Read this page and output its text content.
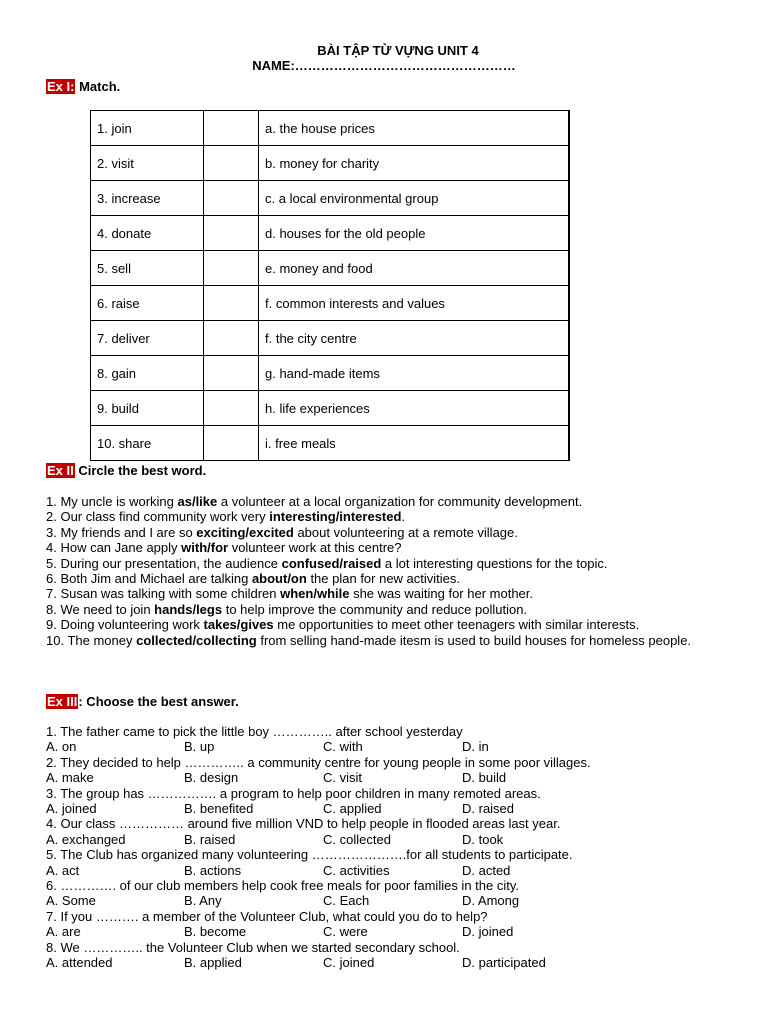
BÀI TẬP TỪ VỰNG UNIT 4
NAME:……………………………………………
Ex I: Match.
1. join		a. the house prices
2. visit		b. money for charity
3. increase		c. a local environmental group
4. donate		d. houses for the old people
5. sell		e. money and food
6. raise		f. common interests and values
7. deliver		f. the city centre
8. gain		g. hand-made items
9. build		h. life experiences
10. share		i. free meals
Ex II Circle the best word.

1. My uncle is working as/like a volunteer at a local organization for community development.

2. Our class find community work very interesting/interested.

3. My friends and I are so exciting/excited about volunteering at a remote village.

4. How can Jane apply with/for volunteer work at this centre?

5. During our presentation, the audience confused/raised a lot interesting questions for the topic.

6. Both Jim and Michael are talking about/on the plan for new activities.

7. Susan was talking with some children when/while she was waiting for her mother.

8. We need to join hands/legs to help improve the community and reduce pollution.

9. Doing volunteering work takes/gives me opportunities to meet other teenagers with similar interests.

10. The money collected/collecting from selling hand-made itesm is used to build houses for homeless people.

Ex III: Choose the best answer.

1. The father came to pick the little boy ………….. after school yesterday

A. on	B. up	C. with	D. in

2. They decided to help ………….. a community centre for young people in some poor villages.

A. make	B. design	C. visit	D. build

3. The group has ……………. a program to help poor children in many remoted areas.

A. joined	B. benefited	C. applied	D. raised

4. Our class …………… around five million VND to help people in flooded areas last year.

A. exchanged	B. raised	C. collected	D. took

5. The Club has organized many volunteering ………………….for all students to participate.

A. act	B. actions	C. activities	D. acted

6. …………. of our club members help cook free meals for poor families in the city.

A. Some	B. Any	C. Each	D. Among

7. If you ………. a member of the Volunteer Club, what could you do to help?

A. are	B. become	C. were	D. joined

8. We ………….. the Volunteer Club when we started secondary school.

A. attended	B. applied	C. joined	D. participated
